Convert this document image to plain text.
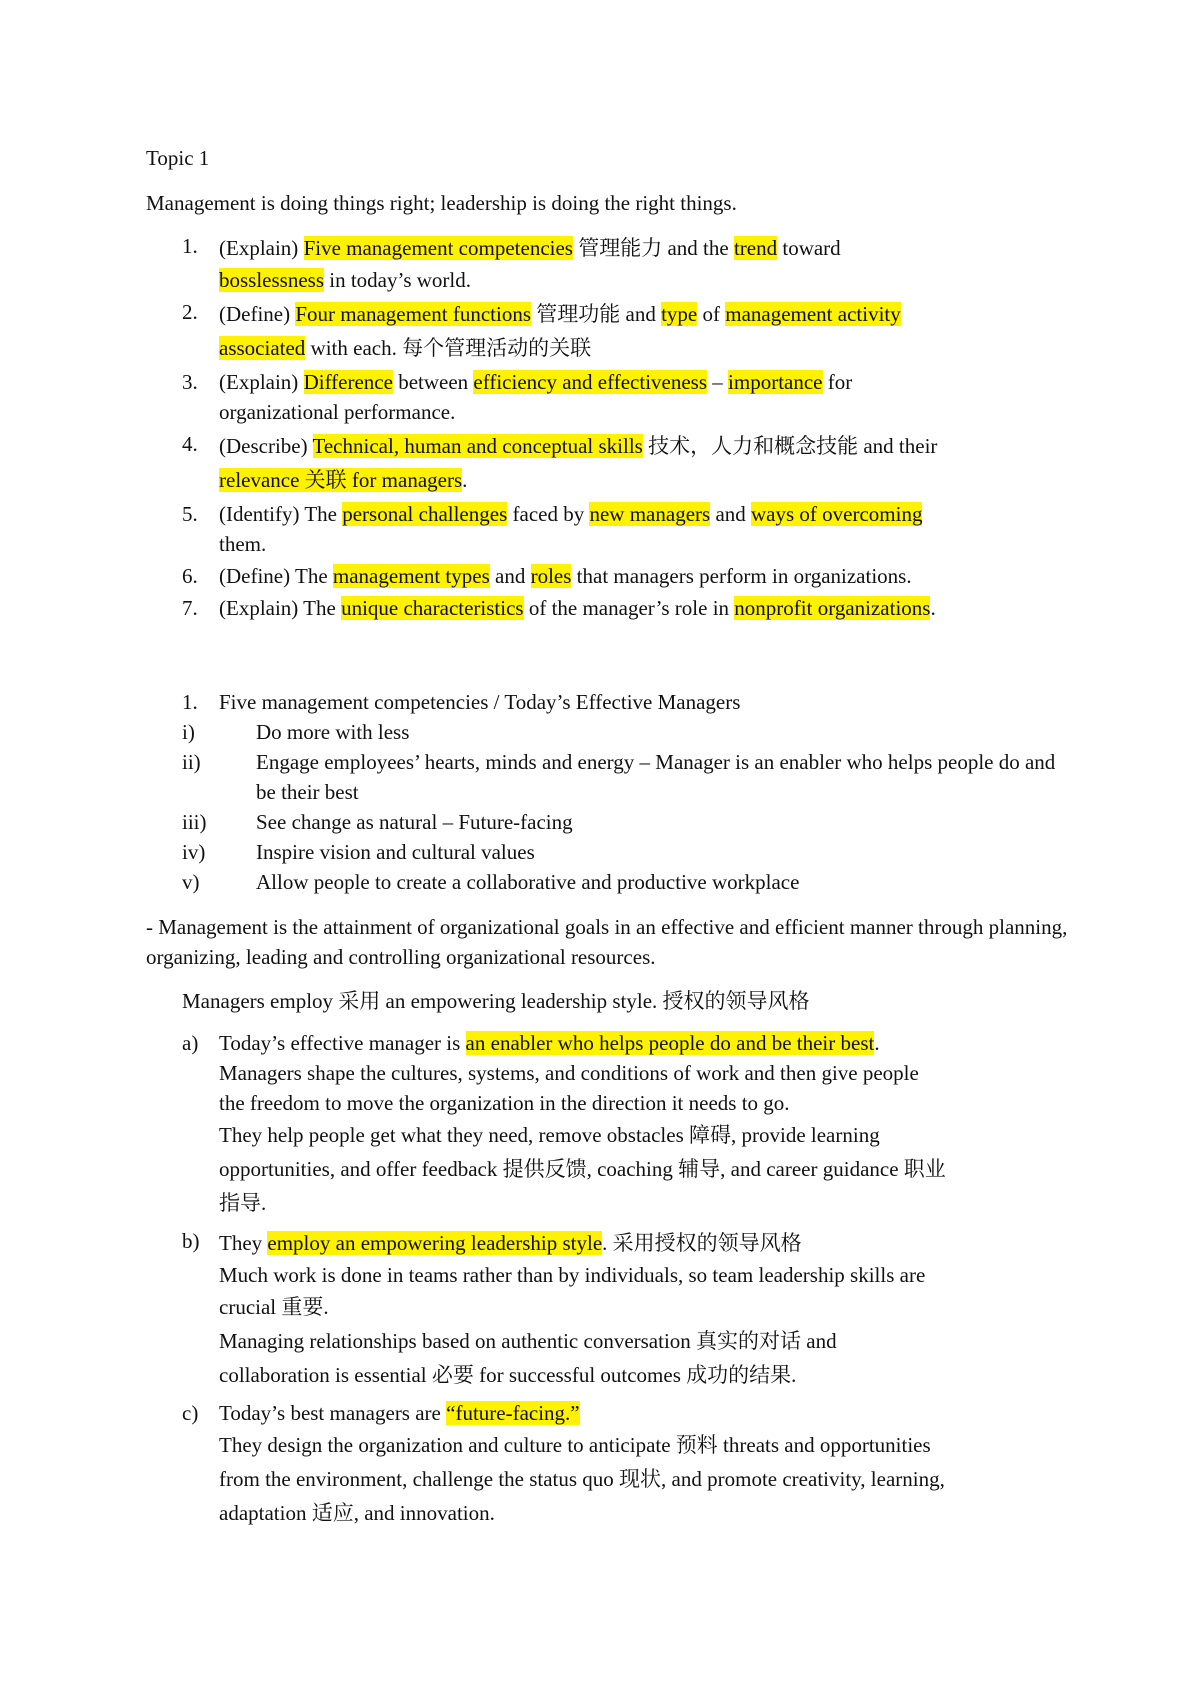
Topic 1

Management is doing things right; leadership is doing the right things.

1. (Explain) Five management competencies 管理能力 and the trend toward
bosslessness in today’s world.
2. (Define) Four management functions 管理功能 and type of management activity
associated with each. 每个管理活动的关联
3. (Explain) Difference between efficiency and effectiveness – importance for
organizational performance.
4. (Describe) Technical, human and conceptual skills 技术，人力和概念技能 and their
relevance 关联 for managers.
5. (Identify) The personal challenges faced by new managers and ways of overcoming
them.
6. (Define) The management types and roles that managers perform in organizations.
7. (Explain) The unique characteristics of the manager’s role in nonprofit organizations.
1. Five management competencies / Today’s Effective Managers
i)	Do more with less
ii)	Engage employees’ hearts, minds and energy – Manager is an enabler who helps people do and be their best
iii) See change as natural – Future-facing
iv) Inspire vision and cultural values
v)	Allow people to create a collaborative and productive workplace

- Management is the attainment of organizational goals in an effective and efficient manner through planning, organizing, leading and controlling organizational resources.

Managers employ 采用 an empowering leadership style. 授权的领导风格

a) Today’s effective manager is an enabler who helps people do and be their best.
Managers shape the cultures, systems, and conditions of work and then give people
the freedom to move the organization in the direction it needs to go.
They help people get what they need, remove obstacles 障碍, provide learning
opportunities, and offer feedback 提供反馈, coaching 辅导, and career guidance 职业
指导.
b) They employ an empowering leadership style. 采用授权的领导风格
Much work is done in teams rather than by individuals, so team leadership skills are
crucial 重要.
Managing relationships based on authentic conversation 真实的对话 and
collaboration is essential 必要 for successful outcomes 成功的结果.
c) Today’s best managers are “future-facing.”
They design the organization and culture to anticipate 预料 threats and opportunities
from the environment, challenge the status quo 现状, and promote creativity, learning,
adaptation 适应, and innovation.
